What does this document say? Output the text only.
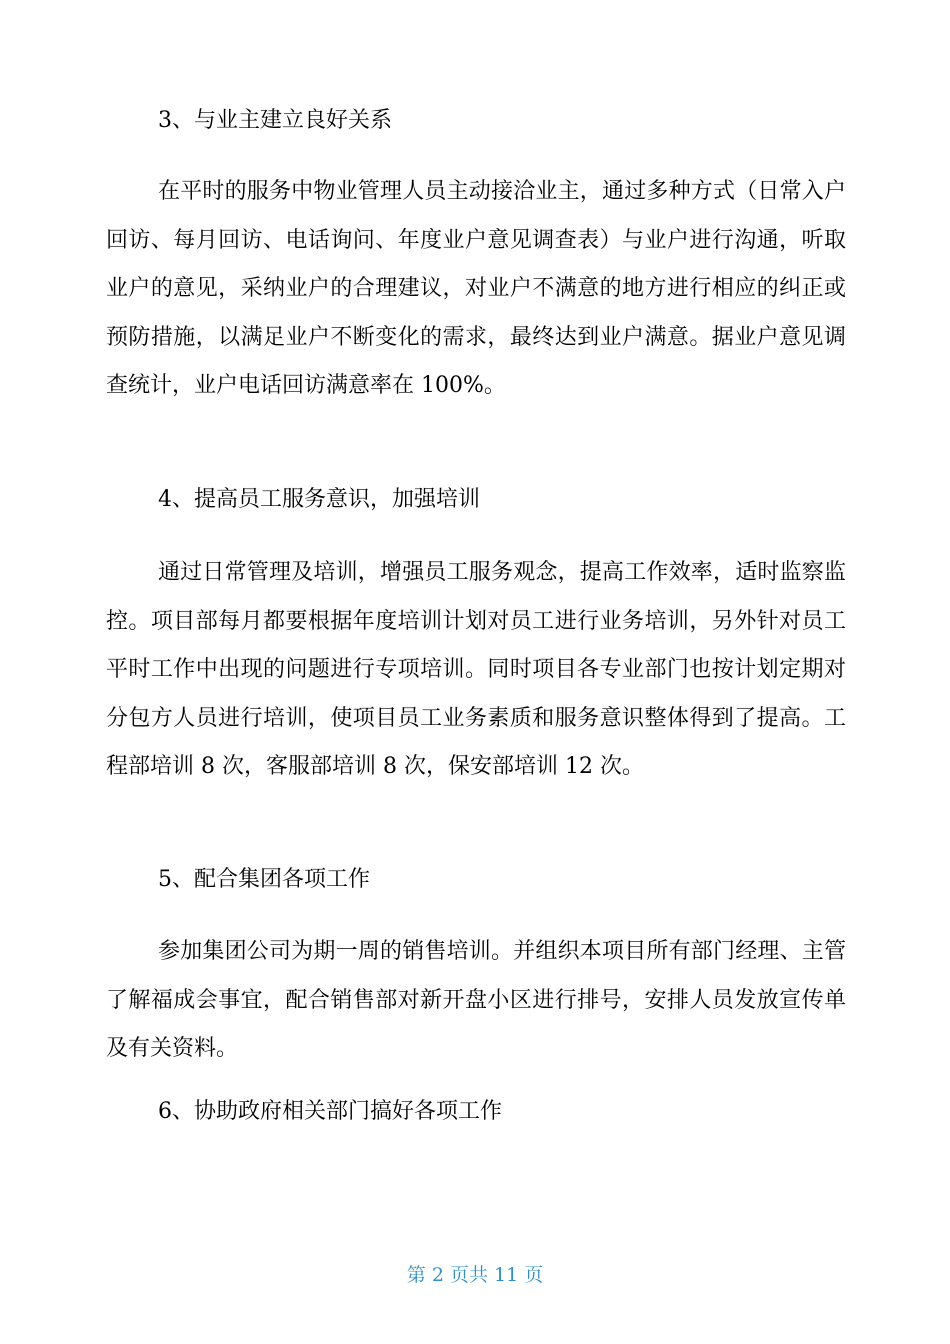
3、与业主建立良好关系

在平时的服务中物业管理人员主动接洽业主，通过多种方式（日常入户回访、每月回访、电话询问、年度业户意见调查表）与业户进行沟通，听取业户的意见，采纳业户的合理建议，对业户不满意的地方进行相应的纠正或预防措施，以满足业户不断变化的需求，最终达到业户满意。据业户意见调查统计，业户电话回访满意率在 100%。

4、提高员工服务意识，加强培训

通过日常管理及培训，增强员工服务观念，提高工作效率，适时监察监控。项目部每月都要根据年度培训计划对员工进行业务培训，另外针对员工平时工作中出现的问题进行专项培训。同时项目各专业部门也按计划定期对分包方人员进行培训，使项目员工业务素质和服务意识整体得到了提高。工程部培训 8 次，客服部培训 8 次，保安部培训 12 次。

5、配合集团各项工作

参加集团公司为期一周的销售培训。并组织本项目所有部门经理、主管了解福成会事宜，配合销售部对新开盘小区进行排号，安排人员发放宣传单及有关资料。

6、协助政府相关部门搞好各项工作
第 2 页共 11 页
